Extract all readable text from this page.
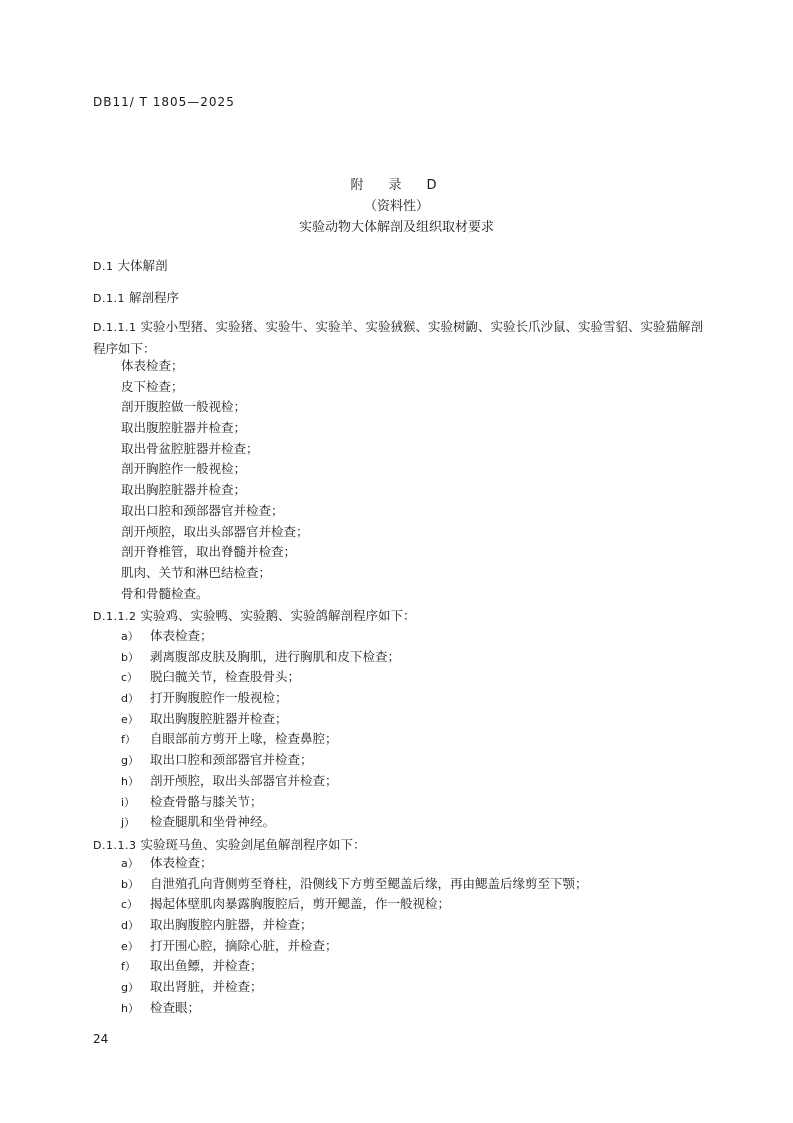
DB11/ T 1805—2025
附　录　D
（资料性）
实验动物大体解剖及组织取材要求
D.1 大体解剖
D.1.1 解剖程序
D.1.1.1 实验小型猪、实验猪、实验牛、实验羊、实验狨猴、实验树鼩、实验长爪沙鼠、实验雪貂、实验猫解剖程序如下：
体表检查；
皮下检查；
剖开腹腔做一般视检；
取出腹腔脏器并检查；
取出骨盆腔脏器并检查；
剖开胸腔作一般视检；
取出胸腔脏器并检查；
取出口腔和颈部器官并检查；
剖开颅腔，取出头部器官并检查；
剖开脊椎管，取出脊髓并检查；
肌肉、关节和淋巴结检查；
骨和骨髓检查。
D.1.1.2 实验鸡、实验鸭、实验鹅、实验鸽解剖程序如下：
a） 体表检查；
b） 剥离腹部皮肤及胸肌，进行胸肌和皮下检查；
c） 脱臼髋关节，检查股骨头；
d） 打开胸腹腔作一般视检；
e） 取出胸腹腔脏器并检查；
f） 自眼部前方剪开上喙，检查鼻腔；
g） 取出口腔和颈部器官并检查；
h） 剖开颅腔，取出头部器官并检查；
i） 检查骨骼与膝关节；
j） 检查腿肌和坐骨神经。
D.1.1.3 实验斑马鱼、实验剑尾鱼解剖程序如下：
a） 体表检查；
b） 自泄殖孔向背侧剪至脊柱，沿侧线下方剪至鳃盖后缘，再由鳃盖后缘剪至下颚；
c） 揭起体壁肌肉暴露胸腹腔后，剪开鳃盖，作一般视检；
d） 取出胸腹腔内脏器，并检查；
e） 打开围心腔，摘除心脏，并检查；
f） 取出鱼鳔，并检查；
g） 取出肾脏，并检查；
h） 检查眼；
24
